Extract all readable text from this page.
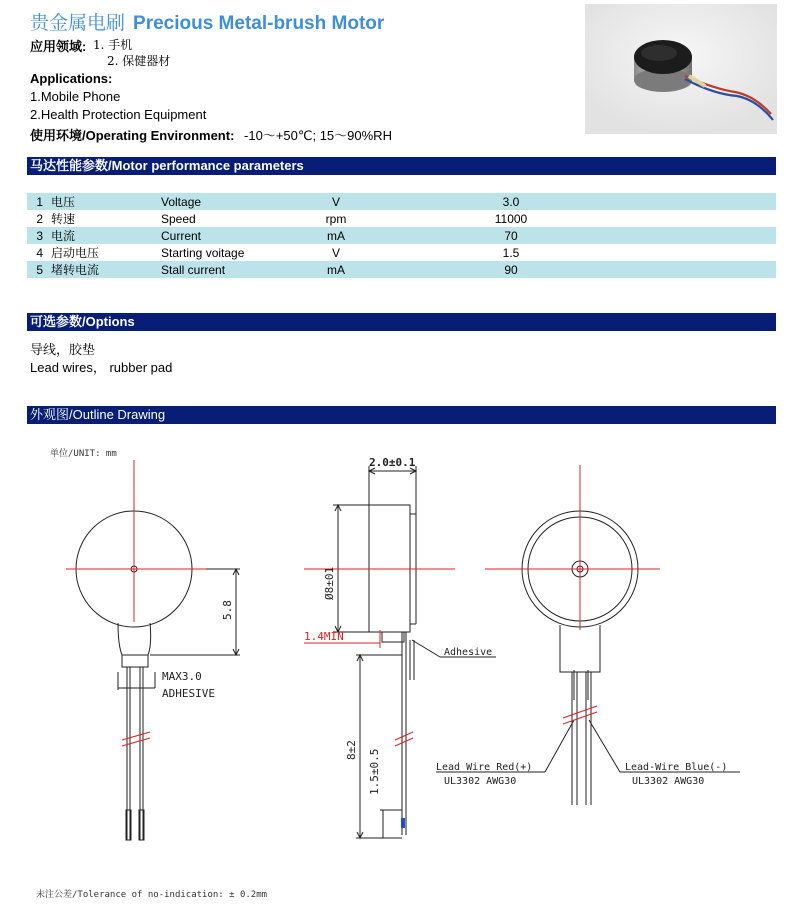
贵金属电刷 Precious Metal-brush Motor
应用领域: 1. 手机
2. 保健器材
Applications:
1.Mobile Phone
2.Health Protection Equipment
使用环境/Operating Environment: -10～+50℃; 15～90%RH
马达性能参数/Motor performance parameters
1	电压	Voltage	V	3.0	
2	转速	Speed	rpm	11000	
3	电流	Current	mA	70	
4	启动电压	Starting voitage	V	1.5	
5	堵转电流	Stall current	mA	90	
可选参数/Options
导线，胶垫
Lead wires， rubber pad
外观图/Outline Drawing
单位/UNIT: mm
5.8
MAX3.0
ADHESIVE
2.0±0.1
Ø8±01
1.4MIN
Adhesive
8±2 1.5±0.5	Lead Wire Red(+)
UL3302 AWG30
Lead-Wire Blue(-)
UL3302 AWG30
未注公差/Tolerance of no-indication: ± 0.2mm
